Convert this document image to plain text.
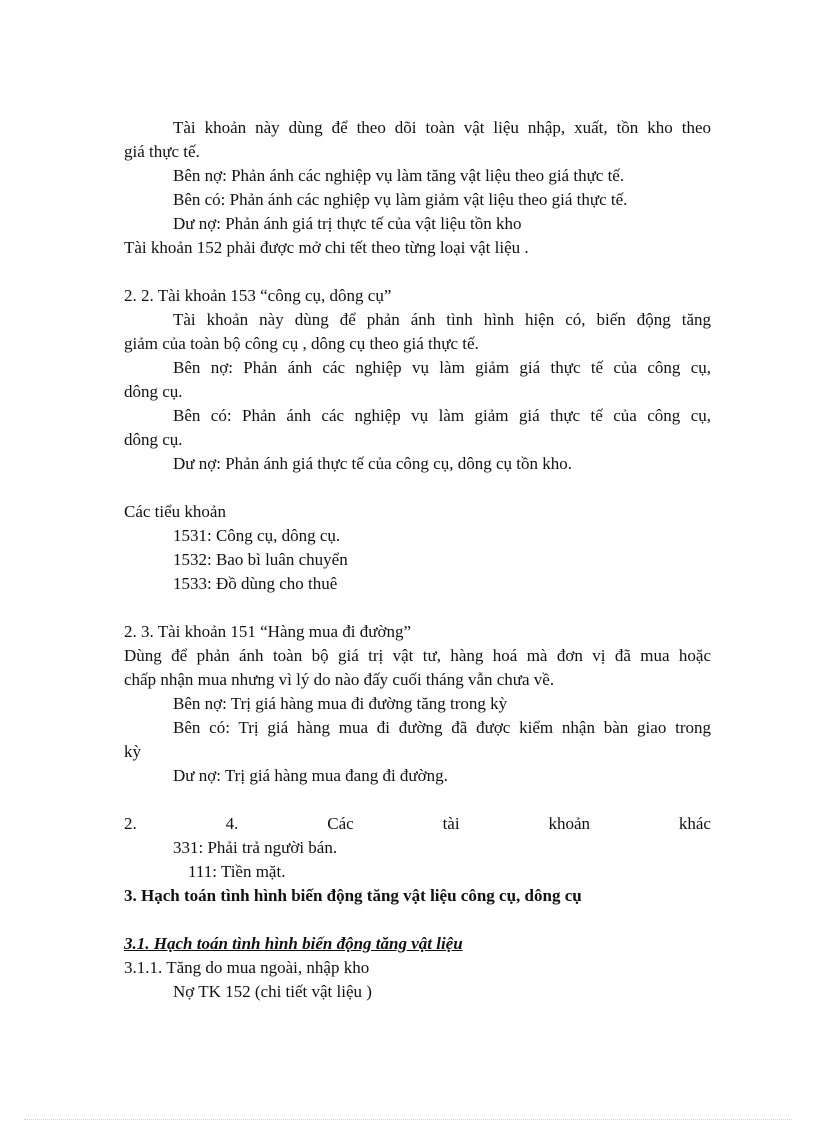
Tài khoản này dùng để theo dõi toàn vật liệu nhập, xuất, tồn kho theo
giá thực tế.
Bên nợ: Phản ánh các nghiệp vụ làm tăng vật liệu theo giá thực tế.
Bên có: Phản ánh các nghiệp vụ làm giảm vật liệu theo giá thực tế.
Dư nợ: Phản ánh giá trị thực tế của vật liệu tồn kho
Tài khoản 152 phải được mở chi tết theo từng loại vật liệu .
2. 2. Tài khoản 153 “công cụ, dông cụ”
Tài khoản này dùng để phản ánh tình hình hiện có, biến động tăng
giảm của toàn bộ công cụ , dông cụ theo giá thực tế.
Bên nợ: Phản ánh các nghiệp vụ làm giảm giá thực tế của công cụ,
dông cụ.
Bên có: Phản ánh các nghiệp vụ làm giảm giá thực tế của công cụ,
dông cụ.
Dư nợ: Phản ánh giá thực tế của công cụ, dông cụ tồn kho.
Các tiểu khoản
1531: Công cụ, dông cụ.
1532: Bao bì luân chuyển
1533: Đồ dùng cho thuê
2. 3. Tài khoản 151 “Hàng mua đi đường”
Dùng để phản ánh toàn bộ giá trị vật tư, hàng hoá mà đơn vị đã mua hoặc
chấp nhận mua nhưng vì lý do nào đấy cuối tháng vẫn chưa về.
Bên nợ: Trị giá hàng mua đi đường tăng trong kỳ
Bên có: Trị giá hàng mua đi đường đã được kiểm nhận bàn giao trong
kỳ
Dư nợ: Trị giá hàng mua đang đi đường.
2.	4.	Các	tài	khoản	khác
331: Phải trả người bán.
111: Tiền mặt.
3. Hạch toán tình hình biến động tăng vật liệu công cụ, dông cụ
3.1. Hạch toán tình hình biến động tăng vật liệu
3.1.1. Tăng do mua ngoài, nhập kho
Nợ TK 152 (chi tiết vật liệu )
